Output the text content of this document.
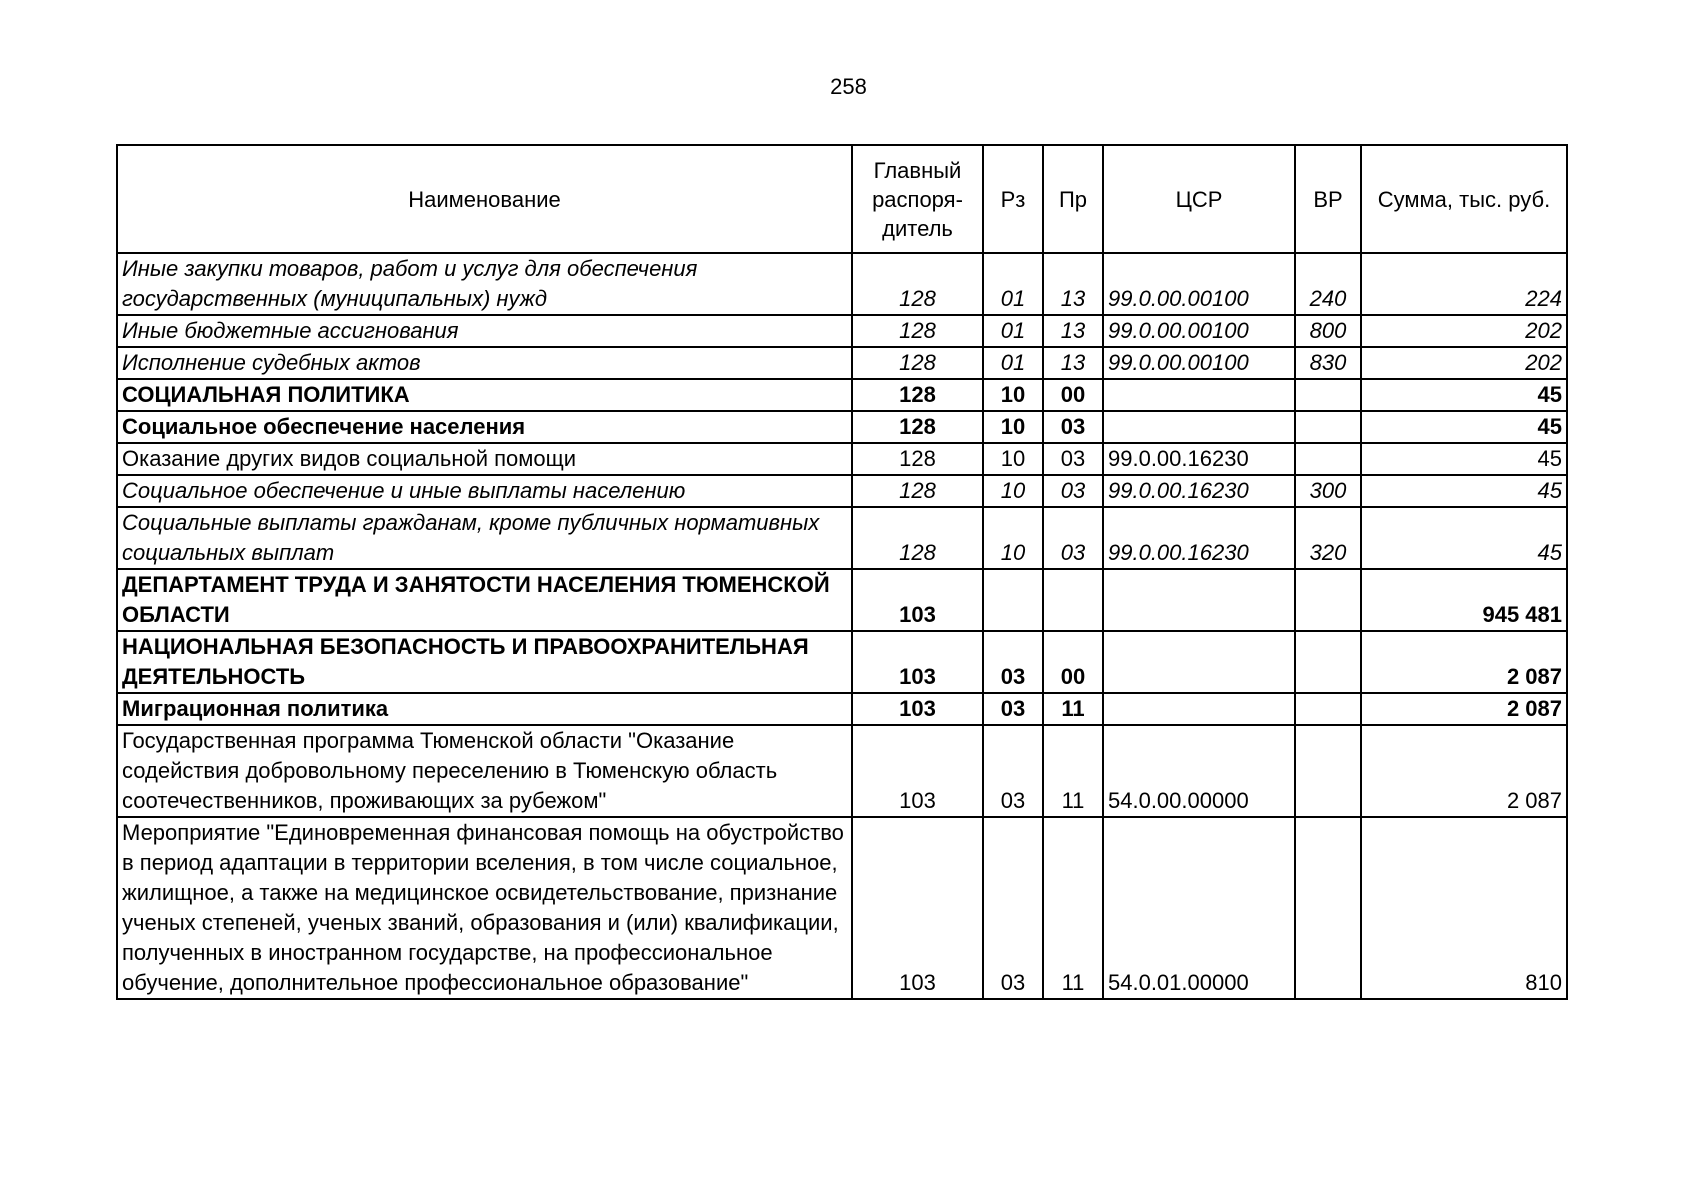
258
Наименование	Главный распоря-дитель	Рз	Пр	ЦСР	ВР	Сумма, тыс. руб.
Иные закупки товаров, работ и услуг для обеспечения государственных (муниципальных) нужд	128	01	13	99.0.00.00100	240	224
Иные бюджетные ассигнования	128	01	13	99.0.00.00100	800	202
Исполнение судебных актов	128	01	13	99.0.00.00100	830	202
СОЦИАЛЬНАЯ ПОЛИТИКА	128	10	00			45
Социальное обеспечение населения	128	10	03			45
Оказание других видов социальной помощи	128	10	03	99.0.00.16230		45
Социальное обеспечение и иные выплаты населению	128	10	03	99.0.00.16230	300	45
Социальные выплаты гражданам, кроме публичных нормативных социальных выплат	128	10	03	99.0.00.16230	320	45
ДЕПАРТАМЕНТ ТРУДА И ЗАНЯТОСТИ НАСЕЛЕНИЯ ТЮМЕНСКОЙ ОБЛАСТИ	103					945 481
НАЦИОНАЛЬНАЯ БЕЗОПАСНОСТЬ И ПРАВООХРАНИТЕЛЬНАЯ ДЕЯТЕЛЬНОСТЬ	103	03	00			2 087
Миграционная политика	103	03	11			2 087
Государственная программа Тюменской области "Оказание содействия добровольному переселению в Тюменскую область соотечественников, проживающих за рубежом"	103	03	11	54.0.00.00000		2 087
Мероприятие "Единовременная финансовая помощь на обустройство в период адаптации в территории вселения, в том числе социальное, жилищное, а также на медицинское освидетельствование, признание ученых степеней, ученых званий, образования и (или) квалификации, полученных в иностранном государстве, на профессиональное обучение, дополнительное профессиональное образование"	103	03	11	54.0.01.00000		810
